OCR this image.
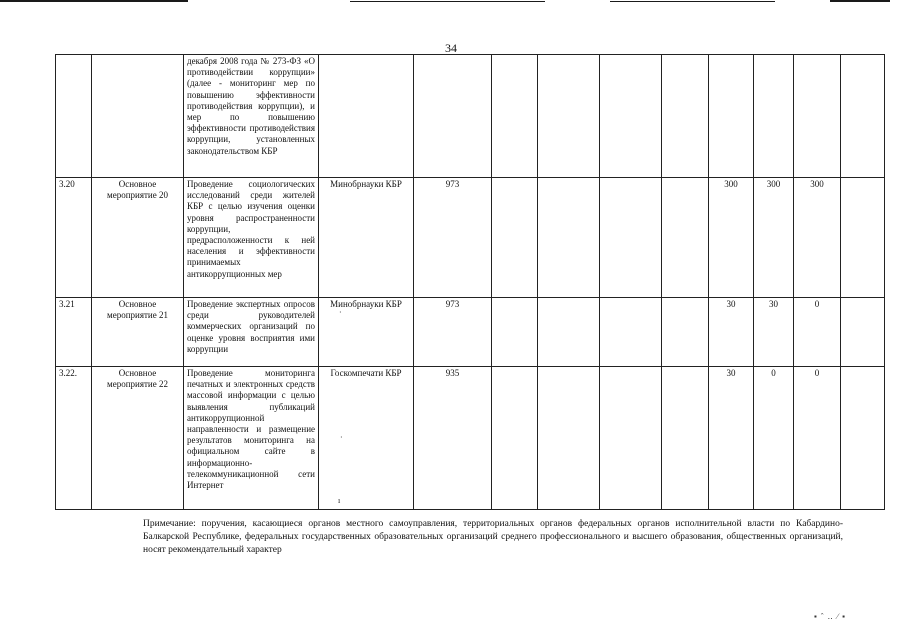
34
		декабря 2008 года № 273-ФЗ «О противодействии коррупции» (далее - мониторинг мер по повышению эффективности противодействия коррупции), и мер по повышению эффективности противодействия коррупции, установленных законодательством КБР										
3.20	Основное мероприятие 20	Проведение социологических исследований среди жителей КБР с целью изучения оценки уровня распространенности коррупции, предрасположенности к ней населения и эффективности принимаемых антикоррупционных мер	Минобрнауки КБР	973					300	300	300	
3.21	Основное мероприятие 21	Проведение экспертных опросов среди руководителей коммерческих организаций по оценке уровня восприятия ими коррупции	Минобрнауки КБР	973					30	30	0	
3.22.	Основное мероприятие 22	Проведение мониторинга печатных и электронных средств массовой информации с целью выявления публикаций антикоррупционной направленности и размещение результатов мониторинга на официальном сайте в информационно-телекоммуникационной сети Интернет	Госкомпечати КБР	935					30	0	0	
·
·
ı
Примечание: поручения, касающиеся органов местного самоуправления, территориальных органов федеральных органов исполнительной власти по Кабардино-Балкарской Республике, федеральных государственных образовательных организаций среднего профессионального и высшего образования, общественных организаций, носят рекомендательный характер
▪ ˆ ‥ ⁄ ▪
